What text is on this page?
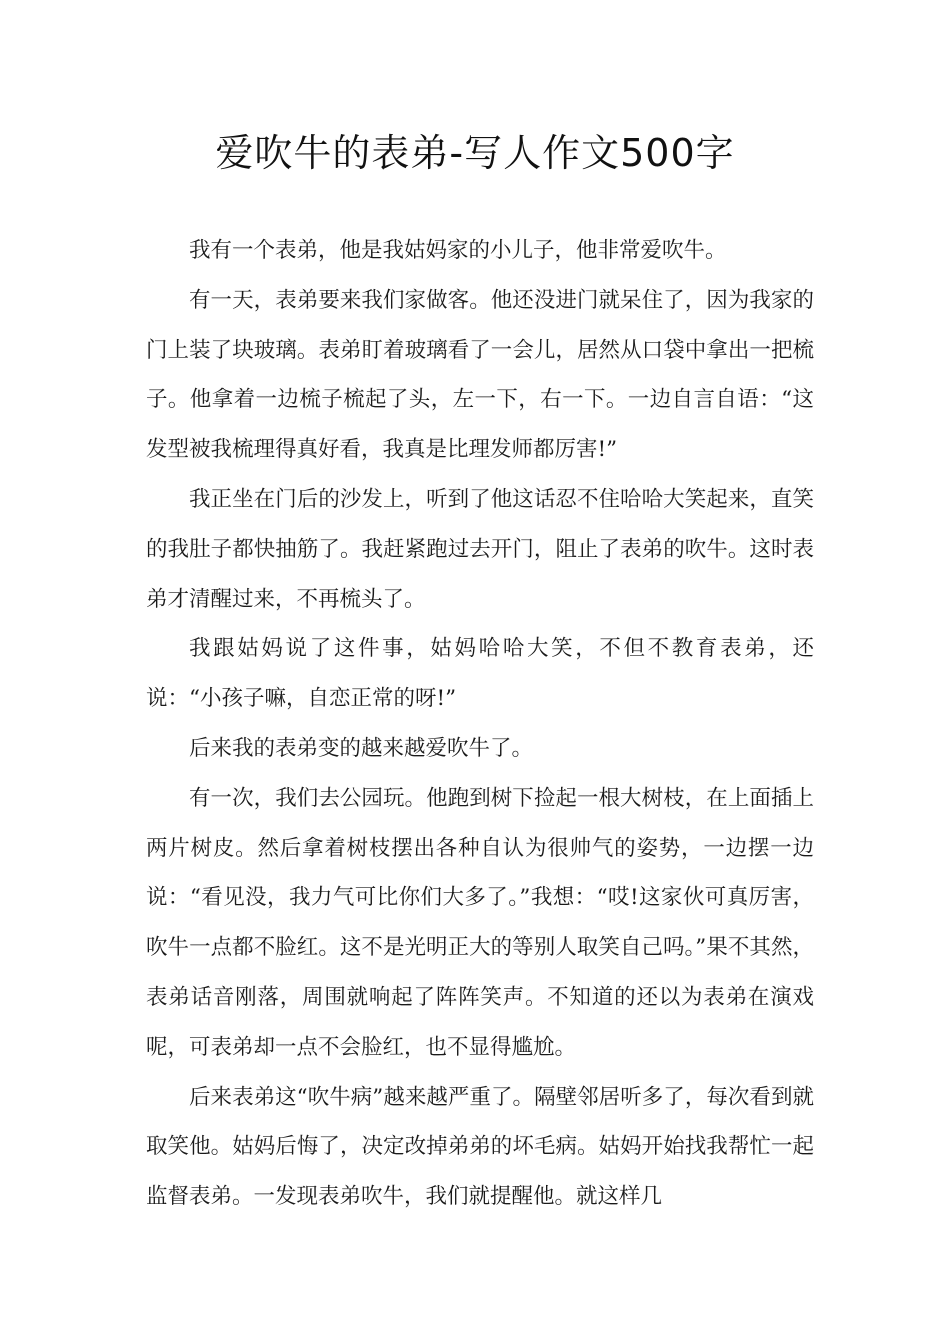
爱吹牛的表弟-写人作文500字

我有一个表弟，他是我姑妈家的小儿子，他非常爱吹牛。

有一天，表弟要来我们家做客。他还没进门就呆住了，因为我家的门上装了块玻璃。表弟盯着玻璃看了一会儿，居然从口袋中拿出一把梳子。他拿着一边梳子梳起了头，左一下，右一下。一边自言自语：“这发型被我梳理得真好看，我真是比理发师都厉害!”

我正坐在门后的沙发上，听到了他这话忍不住哈哈大笑起来，直笑的我肚子都快抽筋了。我赶紧跑过去开门，阻止了表弟的吹牛。这时表弟才清醒过来，不再梳头了。

我跟姑妈说了这件事，姑妈哈哈大笑，不但不教育表弟，还说：“小孩子嘛，自恋正常的呀!”

后来我的表弟变的越来越爱吹牛了。

有一次，我们去公园玩。他跑到树下捡起一根大树枝，在上面插上两片树皮。然后拿着树枝摆出各种自认为很帅气的姿势，一边摆一边说：“看见没，我力气可比你们大多了。”我想：“哎!这家伙可真厉害，吹牛一点都不脸红。这不是光明正大的等别人取笑自己吗。”果不其然，表弟话音刚落，周围就响起了阵阵笑声。不知道的还以为表弟在演戏呢，可表弟却一点不会脸红，也不显得尴尬。

后来表弟这“吹牛病”越来越严重了。隔壁邻居听多了，每次看到就取笑他。姑妈后悔了，决定改掉弟弟的坏毛病。姑妈开始找我帮忙一起监督表弟。一发现表弟吹牛，我们就提醒他。就这样几
